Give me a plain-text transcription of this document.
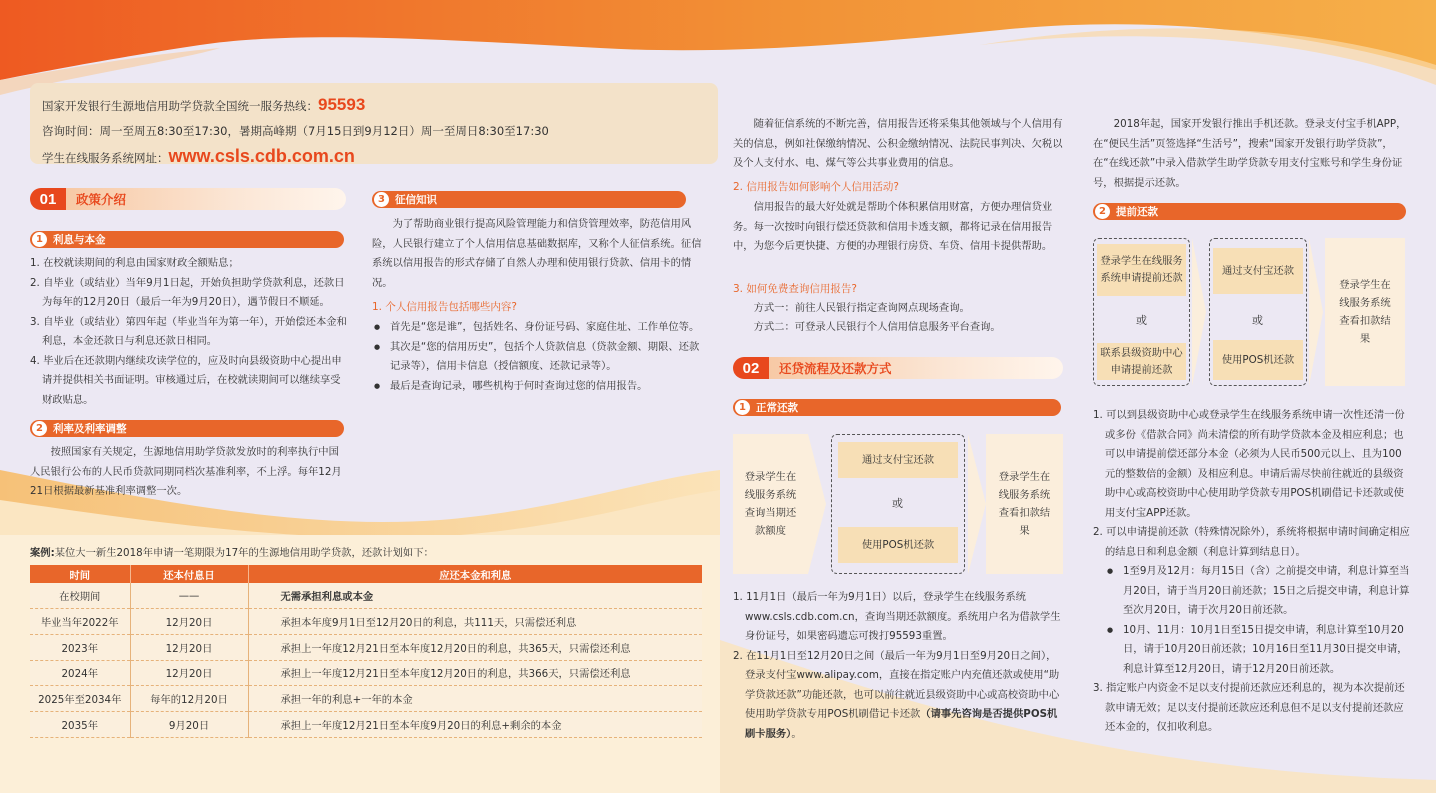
国家开发银行生源地信用助学贷款全国统一服务热线：95593
咨询时间：周一至周五8:30至17:30，暑期高峰期（7月15日到9月12日）周一至周日8:30至17:30
学生在线服务系统网址：www.csls.cdb.com.cn
01	政策介绍
1 利息与本金

1. 在校就读期间的利息由国家财政全额贴息；

2. 自毕业（或结业）当年9月1日起，开始负担助学贷款利息，还款日为每年的12月20日（最后一年为9月20日），遇节假日不顺延。

3. 自毕业（或结业）第四年起（毕业当年为第一年），开始偿还本金和利息，本金还款日与利息还款日相同。

4. 毕业后在还款期内继续攻读学位的，应及时向县级资助中心提出申请并提供相关书面证明。审核通过后，在校就读期间可以继续享受财政贴息。

2 利率及利率调整
按照国家有关规定，生源地信用助学贷款发放时的利率执行中国人民银行公布的人民币贷款同期同档次基准利率，不上浮。每年12月21日根据最新基准利率调整一次。
3 征信知识
为了帮助商业银行提高风险管理能力和信贷管理效率，防范信用风险，人民银行建立了个人信用信息基础数据库，又称个人征信系统。征信系统以信用报告的形式存储了自然人办理和使用银行贷款、信用卡的情况。
1. 个人信用报告包括哪些内容?
● 首先是“您是谁”，包括姓名、身份证号码、家庭住址、工作单位等。
● 其次是“您的信用历史”，包括个人贷款信息（贷款金额、期限、还款记录等），信用卡信息（授信额度、还款记录等）。
● 最后是查询记录，哪些机构于何时查询过您的信用报告。
案例:某位大一新生2018年申请一笔期限为17年的生源地信用助学贷款，还款计划如下：
时间	还本付息日	应还本金和利息
在校期间	——	无需承担利息或本金
毕业当年2022年	12月20日	承担本年度9月1日至12月20日的利息，共111天，只需偿还利息
2023年	12月20日	承担上一年度12月21日至本年度12月20日的利息，共365天，只需偿还利息
2024年	12月20日	承担上一年度12月21日至本年度12月20日的利息，共366天，只需偿还利息
2025年至2034年	每年的12月20日	承担一年的利息+一年的本金
2035年	9月20日	承担上一年度12月21日至本年度9月20日的利息+剩余的本金
随着征信系统的不断完善，信用报告还将采集其他领域与个人信用有关的信息，例如社保缴纳情况、公积金缴纳情况、法院民事判决、欠税以及个人支付水、电、煤气等公共事业费用的信息。
2. 信用报告如何影响个人信用活动?
信用报告的最大好处就是帮助个体积累信用财富，方便办理信贷业务。每一次按时向银行偿还贷款和信用卡透支额，都将记录在信用报告中，为您今后更快捷、方便的办理银行房贷、车贷、信用卡提供帮助。
3. 如何免费查询信用报告?
方式一：前往人民银行指定查询网点现场查询。
方式二：可登录人民银行个人信用信息服务平台查询。
02	还贷流程及还款方式
1 正常还款
登录学生在线服务系统查询当期还款额度
通过支付宝还款
或
使用POS机还款
登录学生在线服务系统查看扣款结果

1. 11月1日（最后一年为9月1日）以后，登录学生在线服务系统www.csls.cdb.com.cn，查询当期还款额度。系统用户名为借款学生身份证号，如果密码遗忘可拨打95593重置。

2. 在11月1日至12月20日之间（最后一年为9月1日至9月20日之间），登录支付宝www.alipay.com，直接在指定账户内充值还款或使用“助学贷款还款”功能还款，也可以前往就近县级资助中心或高校资助中心使用助学贷款专用POS机刷借记卡还款（请事先咨询是否提供POS机刷卡服务）。

2018年起，国家开发银行推出手机还款。登录支付宝手机APP，在“便民生活”页签选择“生活号”，搜索“国家开发银行助学贷款”，在“在线还款”中录入借款学生助学贷款专用支付宝账号和学生身份证号，根据提示还款。
2 提前还款
登录学生在线服务系统申请提前还款
或
联系县级资助中心申请提前还款
通过支付宝还款
或
使用POS机还款
登录学生在线服务系统查看扣款结果

1. 可以到县级资助中心或登录学生在线服务系统申请一次性还清一份或多份《借款合同》尚未清偿的所有助学贷款本金及相应利息；也可以申请提前偿还部分本金（必须为人民币500元以上、且为100元的整数倍的金额）及相应利息。申请后需尽快前往就近的县级资助中心或高校资助中心使用助学贷款专用POS机刷借记卡还款或使用支付宝APP还款。

2. 可以申请提前还款（特殊情况除外），系统将根据申请时间确定相应的结息日和利息金额（利息计算到结息日）。

● 1至9月及12月：每月15日（含）之前提交申请，利息计算至当月20日，请于当月20日前还款；15日之后提交申请，利息计算至次月20日，请于次月20日前还款。
● 10月、11月：10月1日至15日提交申请，利息计算至10月20日，请于10月20日前还款；10月16日至11月30日提交申请，利息计算至12月20日，请于12月20日前还款。

3. 指定账户内资金不足以支付提前还款应还利息的，视为本次提前还款申请无效；足以支付提前还款应还利息但不足以支付提前还款应还本金的，仅扣收利息。
